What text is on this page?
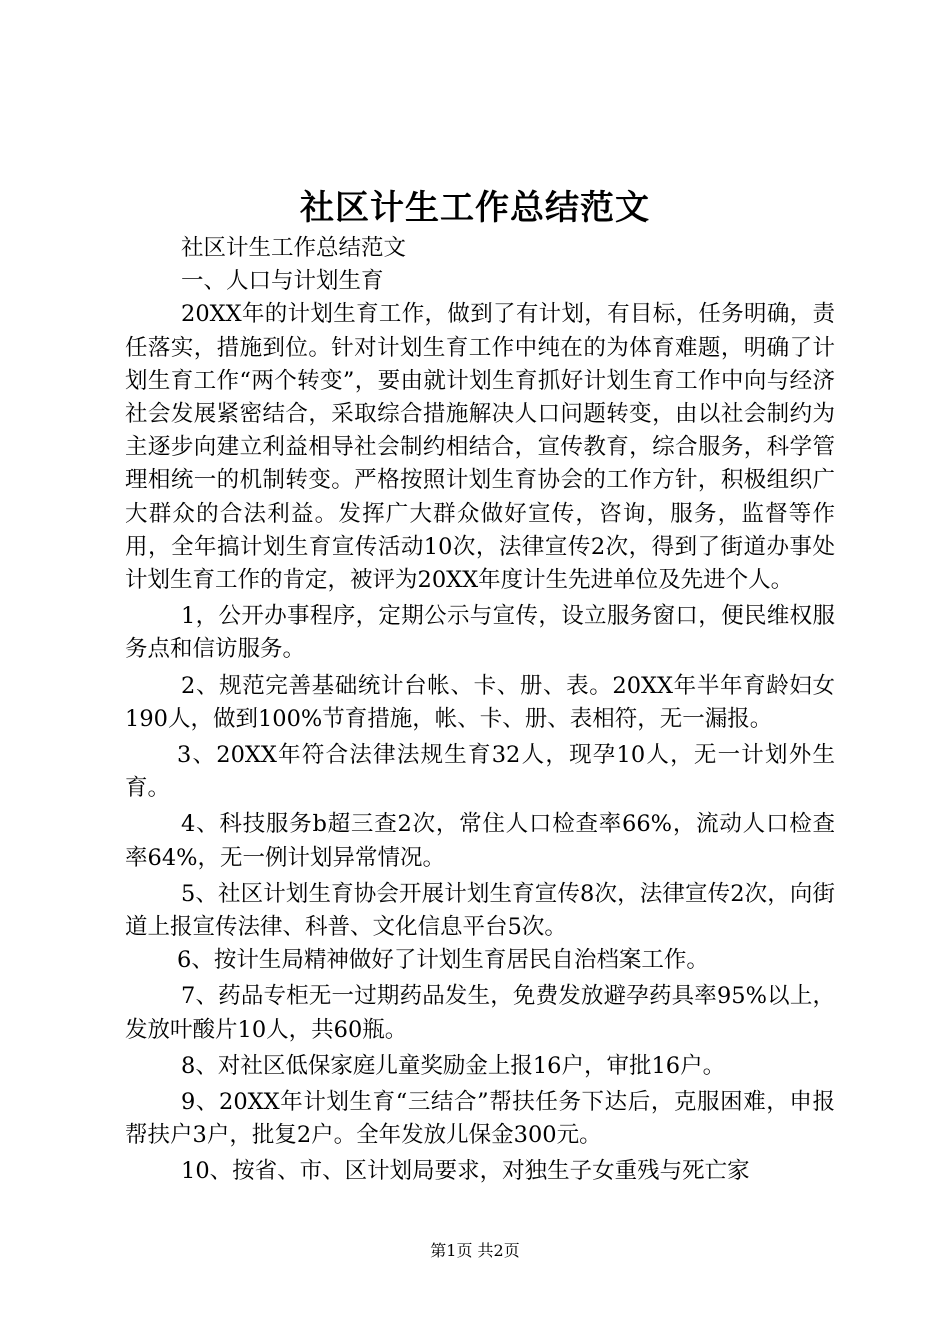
社区计生工作总结范文

社区计生工作总结范文

一、人口与计划生育

20XX年的计划生育工作，做到了有计划，有目标，任务明确，责任落实，措施到位。针对计划生育工作中纯在的为体育难题，明确了计划生育工作“两个转变”，要由就计划生育抓好计划生育工作中向与经济社会发展紧密结合，采取综合措施解决人口问题转变，由以社会制约为主逐步向建立利益相导社会制约相结合，宣传教育，综合服务，科学管理相统一的机制转变。严格按照计划生育协会的工作方针，积极组织广大群众的合法利益。发挥广大群众做好宣传，咨询，服务，监督等作用，全年搞计划生育宣传活动10次，法律宣传2次，得到了街道办事处计划生育工作的肯定，被评为20XX年度计生先进单位及先进个人。

1，公开办事程序，定期公示与宣传，设立服务窗口，便民维权服务点和信访服务。

2、规范完善基础统计台帐、卡、册、表。20XX年半年育龄妇女190人，做到100%节育措施，帐、卡、册、表相符，无一漏报。

3、20XX年符合法律法规生育32人，现孕10人，无一计划外生育。

4、科技服务b超三查2次，常住人口检查率66%，流动人口检查率64%，无一例计划异常情况。

5、社区计划生育协会开展计划生育宣传8次，法律宣传2次，向街道上报宣传法律、科普、文化信息平台5次。

6、按计生局精神做好了计划生育居民自治档案工作。

7、药品专柜无一过期药品发生，免费发放避孕药具率95%以上，发放叶酸片10人，共60瓶。

8、对社区低保家庭儿童奖励金上报16户，审批16户。

9、20XX年计划生育“三结合”帮扶任务下达后，克服困难，申报帮扶户3户，批复2户。全年发放儿保金300元。

10、按省、市、区计划局要求，对独生子女重残与死亡家

第1页 共2页
